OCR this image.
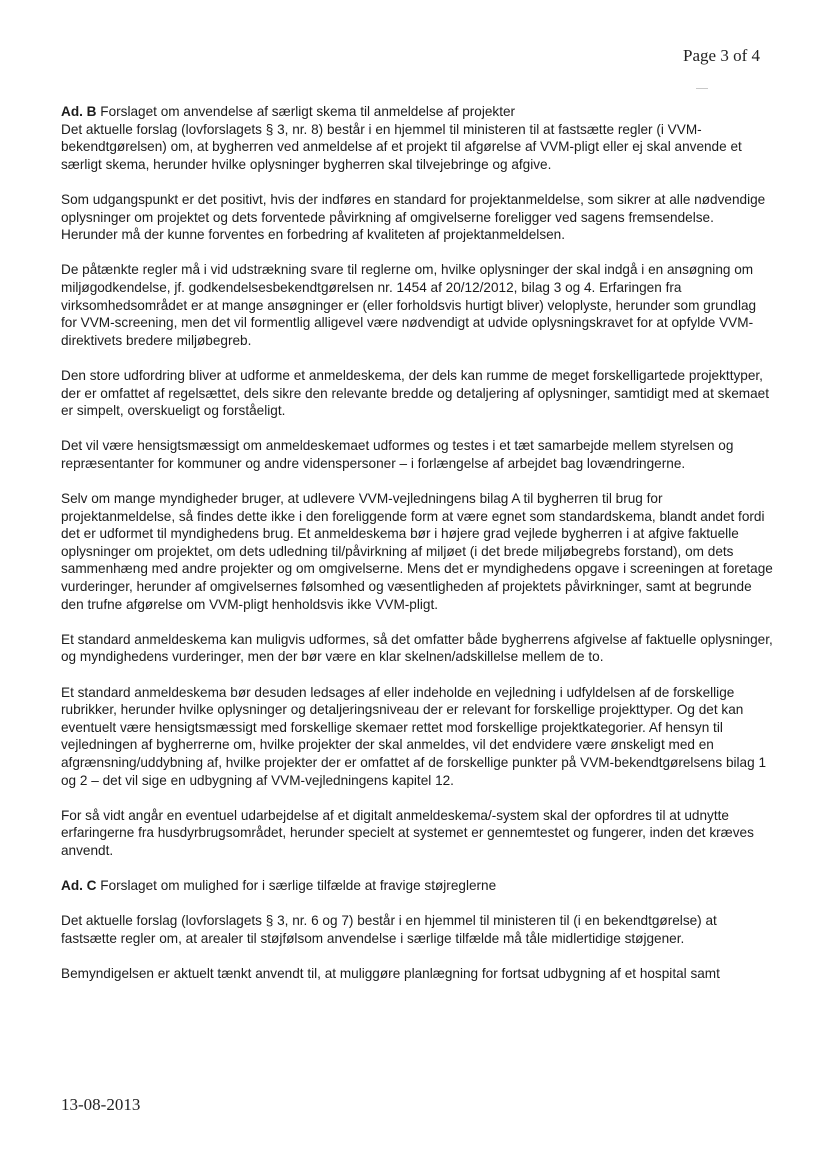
Page 3 of 4
Ad. B Forslaget om anvendelse af særligt skema til anmeldelse af projekter

Det aktuelle forslag (lovforslagets § 3, nr. 8) består i en hjemmel til ministeren til at fastsætte regler (i VVM-bekendtgørelsen) om, at bygherren ved anmeldelse af et projekt til afgørelse af VVM-pligt eller ej skal anvende et særligt skema, herunder hvilke oplysninger bygherren skal tilvejebringe og afgive.

Som udgangspunkt er det positivt, hvis der indføres en standard for projektanmeldelse, som sikrer at alle nødvendige oplysninger om projektet og dets forventede påvirkning af omgivelserne foreligger ved sagens fremsendelse. Herunder må der kunne forventes en forbedring af kvaliteten af projektanmeldelsen.

De påtænkte regler må i vid udstrækning svare til reglerne om, hvilke oplysninger der skal indgå i en ansøgning om miljøgodkendelse, jf. godkendelsesbekendtgørelsen nr. 1454 af 20/12/2012, bilag 3 og 4. Erfaringen fra virksomhedsområdet er at mange ansøgninger er (eller forholdsvis hurtigt bliver) veloplyste, herunder som grundlag for VVM-screening, men det vil formentlig alligevel være nødvendigt at udvide oplysningskravet for at opfylde VVM-direktivets bredere miljøbegreb.

Den store udfordring bliver at udforme et anmeldeskema, der dels kan rumme de meget forskelligartede projekttyper, der er omfattet af regelsættet, dels sikre den relevante bredde og detaljering af oplysninger, samtidigt med at skemaet er simpelt, overskueligt og forståeligt.

Det vil være hensigtsmæssigt om anmeldeskemaet udformes og testes i et tæt samarbejde mellem styrelsen og repræsentanter for kommuner og andre videnspersoner – i forlængelse af arbejdet bag lovændringerne.

Selv om mange myndigheder bruger, at udlevere VVM-vejledningens bilag A til bygherren til brug for projektanmeldelse, så findes dette ikke i den foreliggende form at være egnet som standardskema, blandt andet fordi det er udformet til myndighedens brug. Et anmeldeskema bør i højere grad vejlede bygherren i at afgive faktuelle oplysninger om projektet, om dets udledning til/påvirkning af miljøet (i det brede miljøbegrebs forstand), om dets sammenhæng med andre projekter og om omgivelserne. Mens det er myndighedens opgave i screeningen at foretage vurderinger, herunder af omgivelsernes følsomhed og væsentligheden af projektets påvirkninger, samt at begrunde den trufne afgørelse om VVM-pligt henholdsvis ikke VVM-pligt.

Et standard anmeldeskema kan muligvis udformes, så det omfatter både bygherrens afgivelse af faktuelle oplysninger, og myndighedens vurderinger, men der bør være en klar skelnen/adskillelse mellem de to.

Et standard anmeldeskema bør desuden ledsages af eller indeholde en vejledning i udfyldelsen af de forskellige rubrikker, herunder hvilke oplysninger og detaljeringsniveau der er relevant for forskellige projekttyper. Og det kan eventuelt være hensigtsmæssigt med forskellige skemaer rettet mod forskellige projektkategorier. Af hensyn til vejledningen af bygherrerne om, hvilke projekter der skal anmeldes, vil det endvidere være ønskeligt med en afgrænsning/uddybning af, hvilke projekter der er omfattet af de forskellige punkter på VVM-bekendtgørelsens bilag 1 og 2 – det vil sige en udbygning af VVM-vejledningens kapitel 12.

For så vidt angår en eventuel udarbejdelse af et digitalt anmeldeskema/-system skal der opfordres til at udnytte erfaringerne fra husdyrbrugsområdet, herunder specielt at systemet er gennemtestet og fungerer, inden det kræves anvendt.

Ad. C Forslaget om mulighed for i særlige tilfælde at fravige støjreglerne

Det aktuelle forslag (lovforslagets § 3, nr. 6 og 7) består i en hjemmel til ministeren til (i en bekendtgørelse) at fastsætte regler om, at arealer til støjfølsom anvendelse i særlige tilfælde må tåle midlertidige støjgener.

Bemyndigelsen er aktuelt tænkt anvendt til, at muliggøre planlægning for fortsat udbygning af et hospital samt

13-08-2013
